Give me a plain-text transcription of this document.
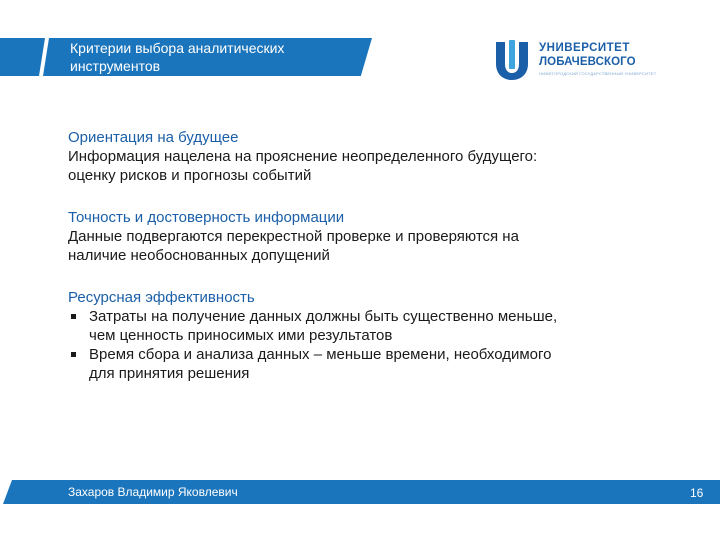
Критерии выбора аналитических
инструментов
УНИВЕРСИТЕТ
ЛОБАЧЕВСКОГО
НИЖЕГОРОДСКИЙ ГОСУДАРСТВЕННЫЙ УНИВЕРСИТЕТ
Ориентация на будущее

Информация нацелена на прояснение неопределенного будущего:

оценку рисков и прогнозы событий

Точность и достоверность информации

Данные подвергаются перекрестной проверке и проверяются на

наличие необоснованных допущений

Ресурсная эффективность
Затраты на получение данных должны быть существенно меньше,
чем ценность приносимых ими результатов
Время сбора и анализа данных – меньше времени, необходимого
для принятия решения
Захаров Владимир Яковлевич	16
